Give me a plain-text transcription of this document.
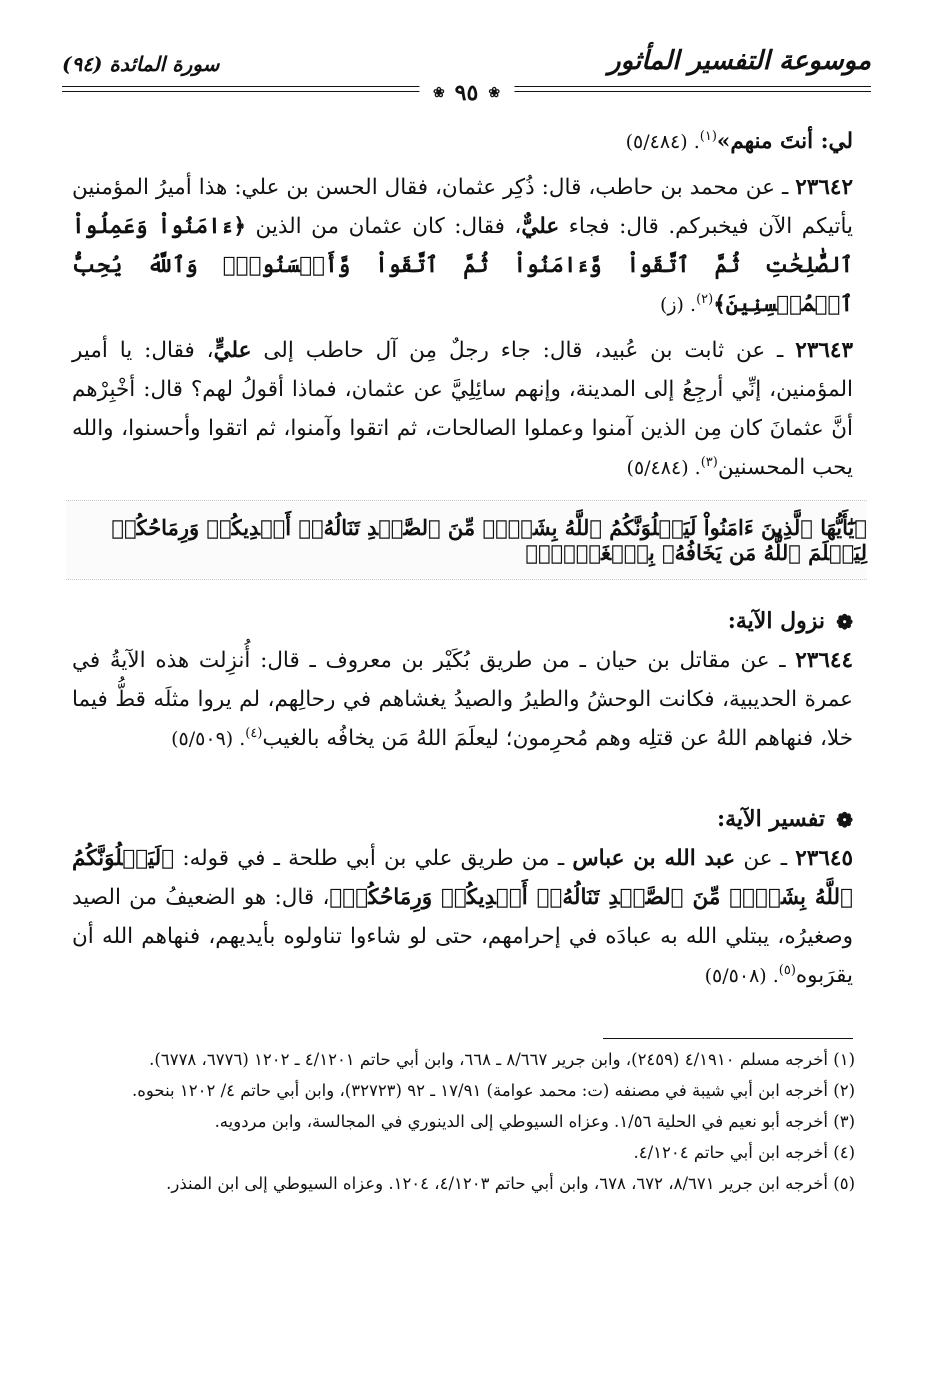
موسوعة التفسير المأثور
سورة المائدة (٩٤)
❀
٩٥
❀

لي: أنتَ منهم»$^{(١)}$. (٥/٤٨٤)

٢٣٦٤٢ ـ عن محمد بن حاطب، قال: ذُكِر عثمان، فقال الحسن بن علي: هذا أميرُ المؤمنين يأتيكم الآن فيخبركم. قال: فجاء عليٌّ، فقال: كان عثمان من الذين ﴿ءَامَنُواْ وَعَمِلُواْ ٱلصَّٰلِحَٰتِ ثُمَّ ٱتَّقَواْ وَّءَامَنُواْ ثُمَّ ٱتَّقَواْ وَّأَحۡسَنُواْۚ وَٱللَّهُ يُحِبُّ ٱلۡمُحۡسِنِينَ﴾$^{(٢)}$. (ز)

٢٣٦٤٣ ـ عن ثابت بن عُبيد، قال: جاء رجلٌ مِن آل حاطب إلى عليٍّ، فقال: يا أمير المؤمنين، إنِّي أرجِعُ إلى المدينة، وإنهم سائِلِيَّ عن عثمان، فماذا أقولُ لهم؟ قال: أخْبِرْهم أنَّ عثمانَ كان مِن الذين آمنوا وعملوا الصالحات، ثم اتقوا وآمنوا، ثم اتقوا وأحسنوا، والله يحب المحسنين$^{(٣)}$. (٥/٤٨٤)

﴿يَٰٓأَيُّهَا ٱلَّذِينَ ءَامَنُواْ لَيَبۡلُوَنَّكُمُ ٱللَّهُ بِشَيۡءٖ مِّنَ ٱلصَّيۡدِ تَنَالُهُۥٓ أَيۡدِيكُمۡ وَرِمَاحُكُمۡ لِيَعۡلَمَ ٱللَّهُ مَن يَخَافُهُۥ بِٱلۡغَيۡبِۚ﴾
❁
نزول الآية:

٢٣٦٤٤ ـ عن مقاتل بن حيان ـ من طريق بُكَيْر بن معروف ـ قال: أُنزِلت هذه الآيةُ في عمرة الحديبية، فكانت الوحشُ والطيرُ والصيدُ يغشاهم في رحالِهم، لم يروا مثلَه قطُّ فيما خلا، فنهاهم اللهُ عن قتلِه وهم مُحرِمون؛ ليعلَمَ اللهُ مَن يخافُه بالغيب$^{(٤)}$. (٥/٥٠٩)

❁
تفسير الآية:

٢٣٦٤٥ ـ عن عبد الله بن عباس ـ من طريق علي بن أبي طلحة ـ في قوله: ﴿لَيَبۡلُوَنَّكُمُ ٱللَّهُ بِشَيۡءٖ مِّنَ ٱلصَّيۡدِ تَنَالُهُۥٓ أَيۡدِيكُمۡ وَرِمَاحُكُمۡ﴾، قال: هو الضعيفُ من الصيد وصغيرُه، يبتلي الله به عبادَه في إحرامهم، حتى لو شاءوا تناولوه بأيديهم، فنهاهم الله أن يقرَبوه$^{(٥)}$. (٥/٥٠٨)

(١) أخرجه مسلم ٤/١٩١٠ (٢٤٥٩)، وابن جرير ٨/٦٦٧ ـ ٦٦٨، وابن أبي حاتم ٤/١٢٠١ ـ ١٢٠٢ (٦٧٧٦، ٦٧٧٨).

(٢) أخرجه ابن أبي شيبة في مصنفه (ت: محمد عوامة) ١٧/٩١ ـ ٩٢ (٣٢٧٢٣)، وابن أبي حاتم ٤/ ١٢٠٢ بنحوه.

(٣) أخرجه أبو نعيم في الحلية ١/٥٦. وعزاه السيوطي إلى الدينوري في المجالسة، وابن مردويه.

(٤) أخرجه ابن أبي حاتم ٤/١٢٠٤.

(٥) أخرجه ابن جرير ٨/٦٧١، ٦٧٢، ٦٧٨، وابن أبي حاتم ٤/١٢٠٣، ١٢٠٤. وعزاه السيوطي إلى ابن المنذر.
